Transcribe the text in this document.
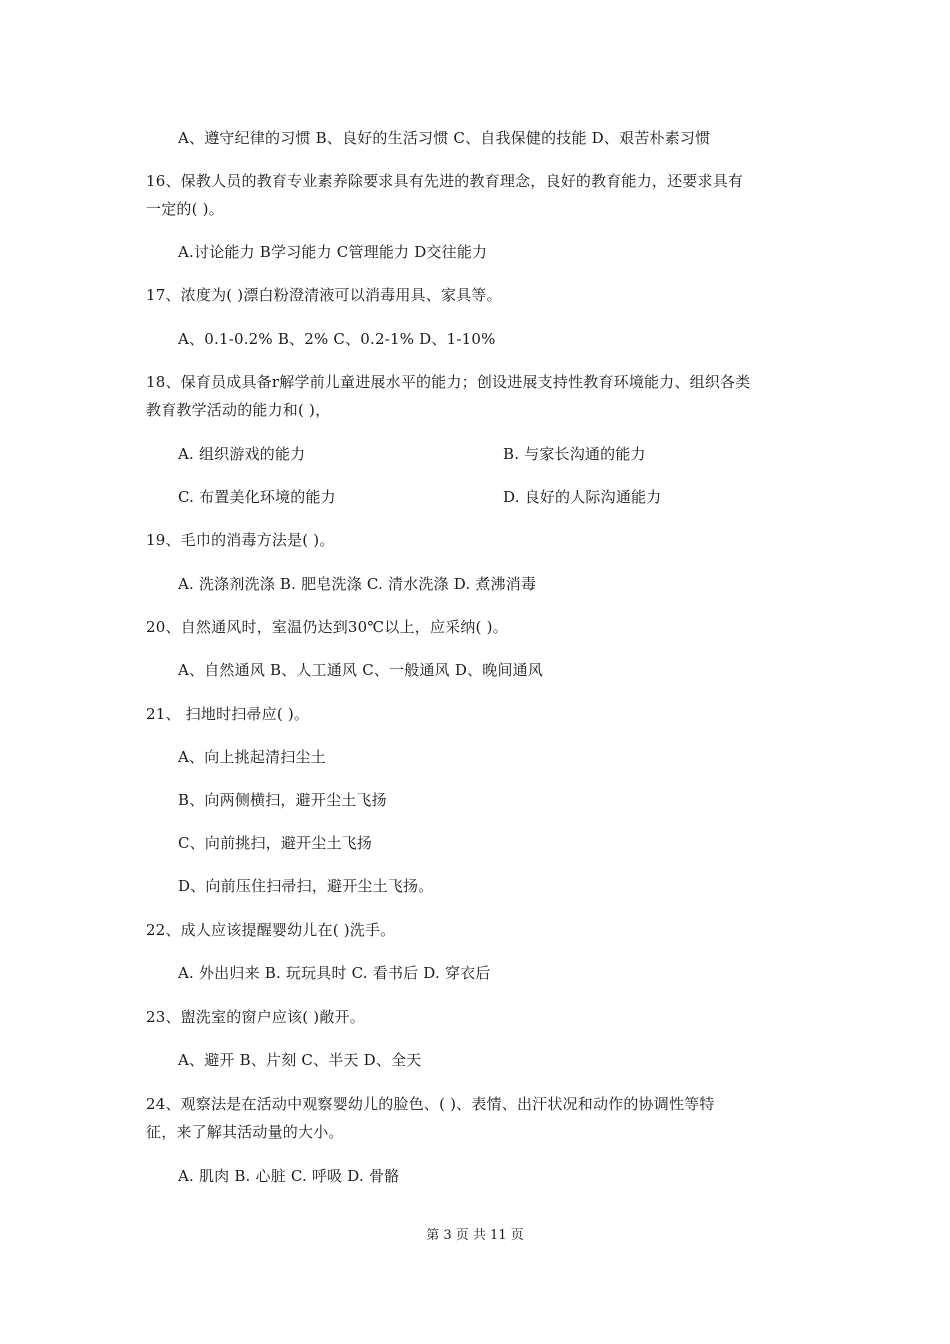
A、遵守纪律的习惯 B、良好的生活习惯 C、自我保健的技能 D、艰苦朴素习惯
16、保教人员的教育专业素养除要求具有先进的教育理念，良好的教育能力，还要求具有
一定的( )。
A.讨论能力 B学习能力 C管理能力 D交往能力
17、浓度为( )漂白粉澄清液可以消毒用具、家具等。
A、0.1-0.2% B、2% C、0.2-1% D、1-10%
18、保育员成具备r解学前儿童进展水平的能力；创设进展支持性教育环境能力、组织各类
教育教学活动的能力和( )，
A. 组织游戏的能力	B. 与家长沟通的能力
C. 布置美化环境的能力	D. 良好的人际沟通能力
19、毛巾的消毒方法是( )。
A. 洗涤剂洗涤 B. 肥皂洗涤 C. 清水洗涤 D. 煮沸消毒
20、自然通风时，室温仍达到30℃以上，应采纳( )。
A、自然通风 B、人工通风 C、一般通风 D、晚间通风
21、 扫地时扫帚应( )。
A、向上挑起清扫尘土
B、向两侧横扫，避开尘土飞扬
C、向前挑扫，避开尘土飞扬
D、向前压住扫帚扫，避开尘土飞扬。
22、成人应该提醒婴幼儿在( )洗手。
A. 外出归来 B. 玩玩具时 C. 看书后 D. 穿衣后
23、盥洗室的窗户应该( )敞开。
A、避开 B、片刻 C、半天 D、全天
24、观察法是在活动中观察婴幼儿的脸色、( )、表情、出汗状况和动作的协调性等特
征，来了解其活动量的大小。
A. 肌肉 B. 心脏 C. 呼吸 D. 骨骼
第 3 页 共 11 页
